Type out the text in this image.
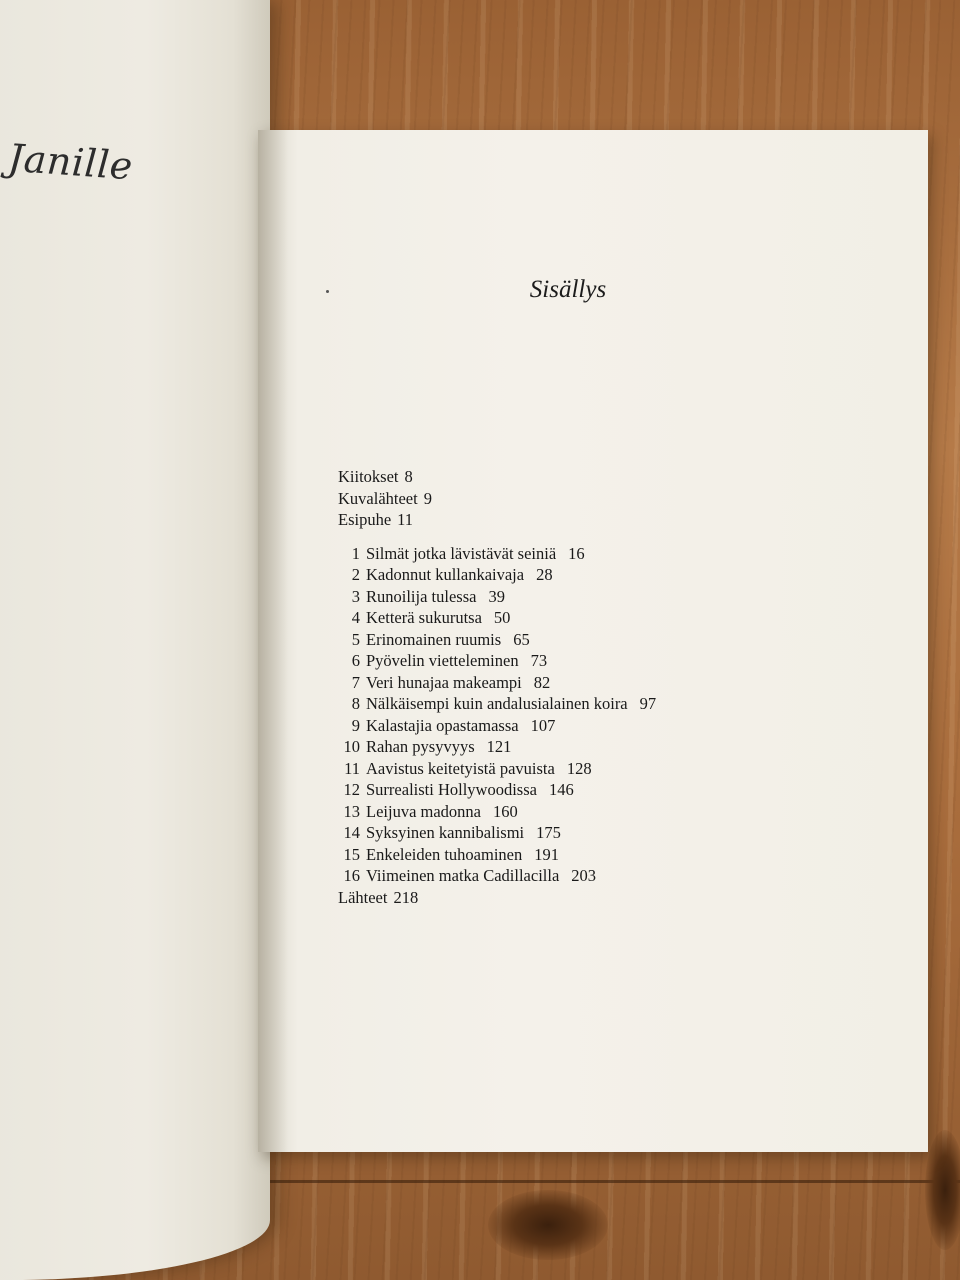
Janille
Sisällys
Kiitokset 8
Kuvalähteet 9
Esipuhe 11
1 Silmät jotka lävistävät seiniä 16
2 Kadonnut kullankaivaja 28
3 Runoilija tulessa 39
4 Ketterä sukurutsa 50
5 Erinomainen ruumis 65
6 Pyövelin vietteleminen 73
7 Veri hunajaa makeampi 82
8 Nälkäisempi kuin andalusialainen koira 97
9 Kalastajia opastamassa 107
10 Rahan pysyvyys 121
11 Aavistus keitetyistä pavuista 128
12 Surrealisti Hollywoodissa 146
13 Leijuva madonna 160
14 Syksyinen kannibalismi 175
15 Enkeleiden tuhoaminen 191
16 Viimeinen matka Cadillacilla 203
Lähteet 218
